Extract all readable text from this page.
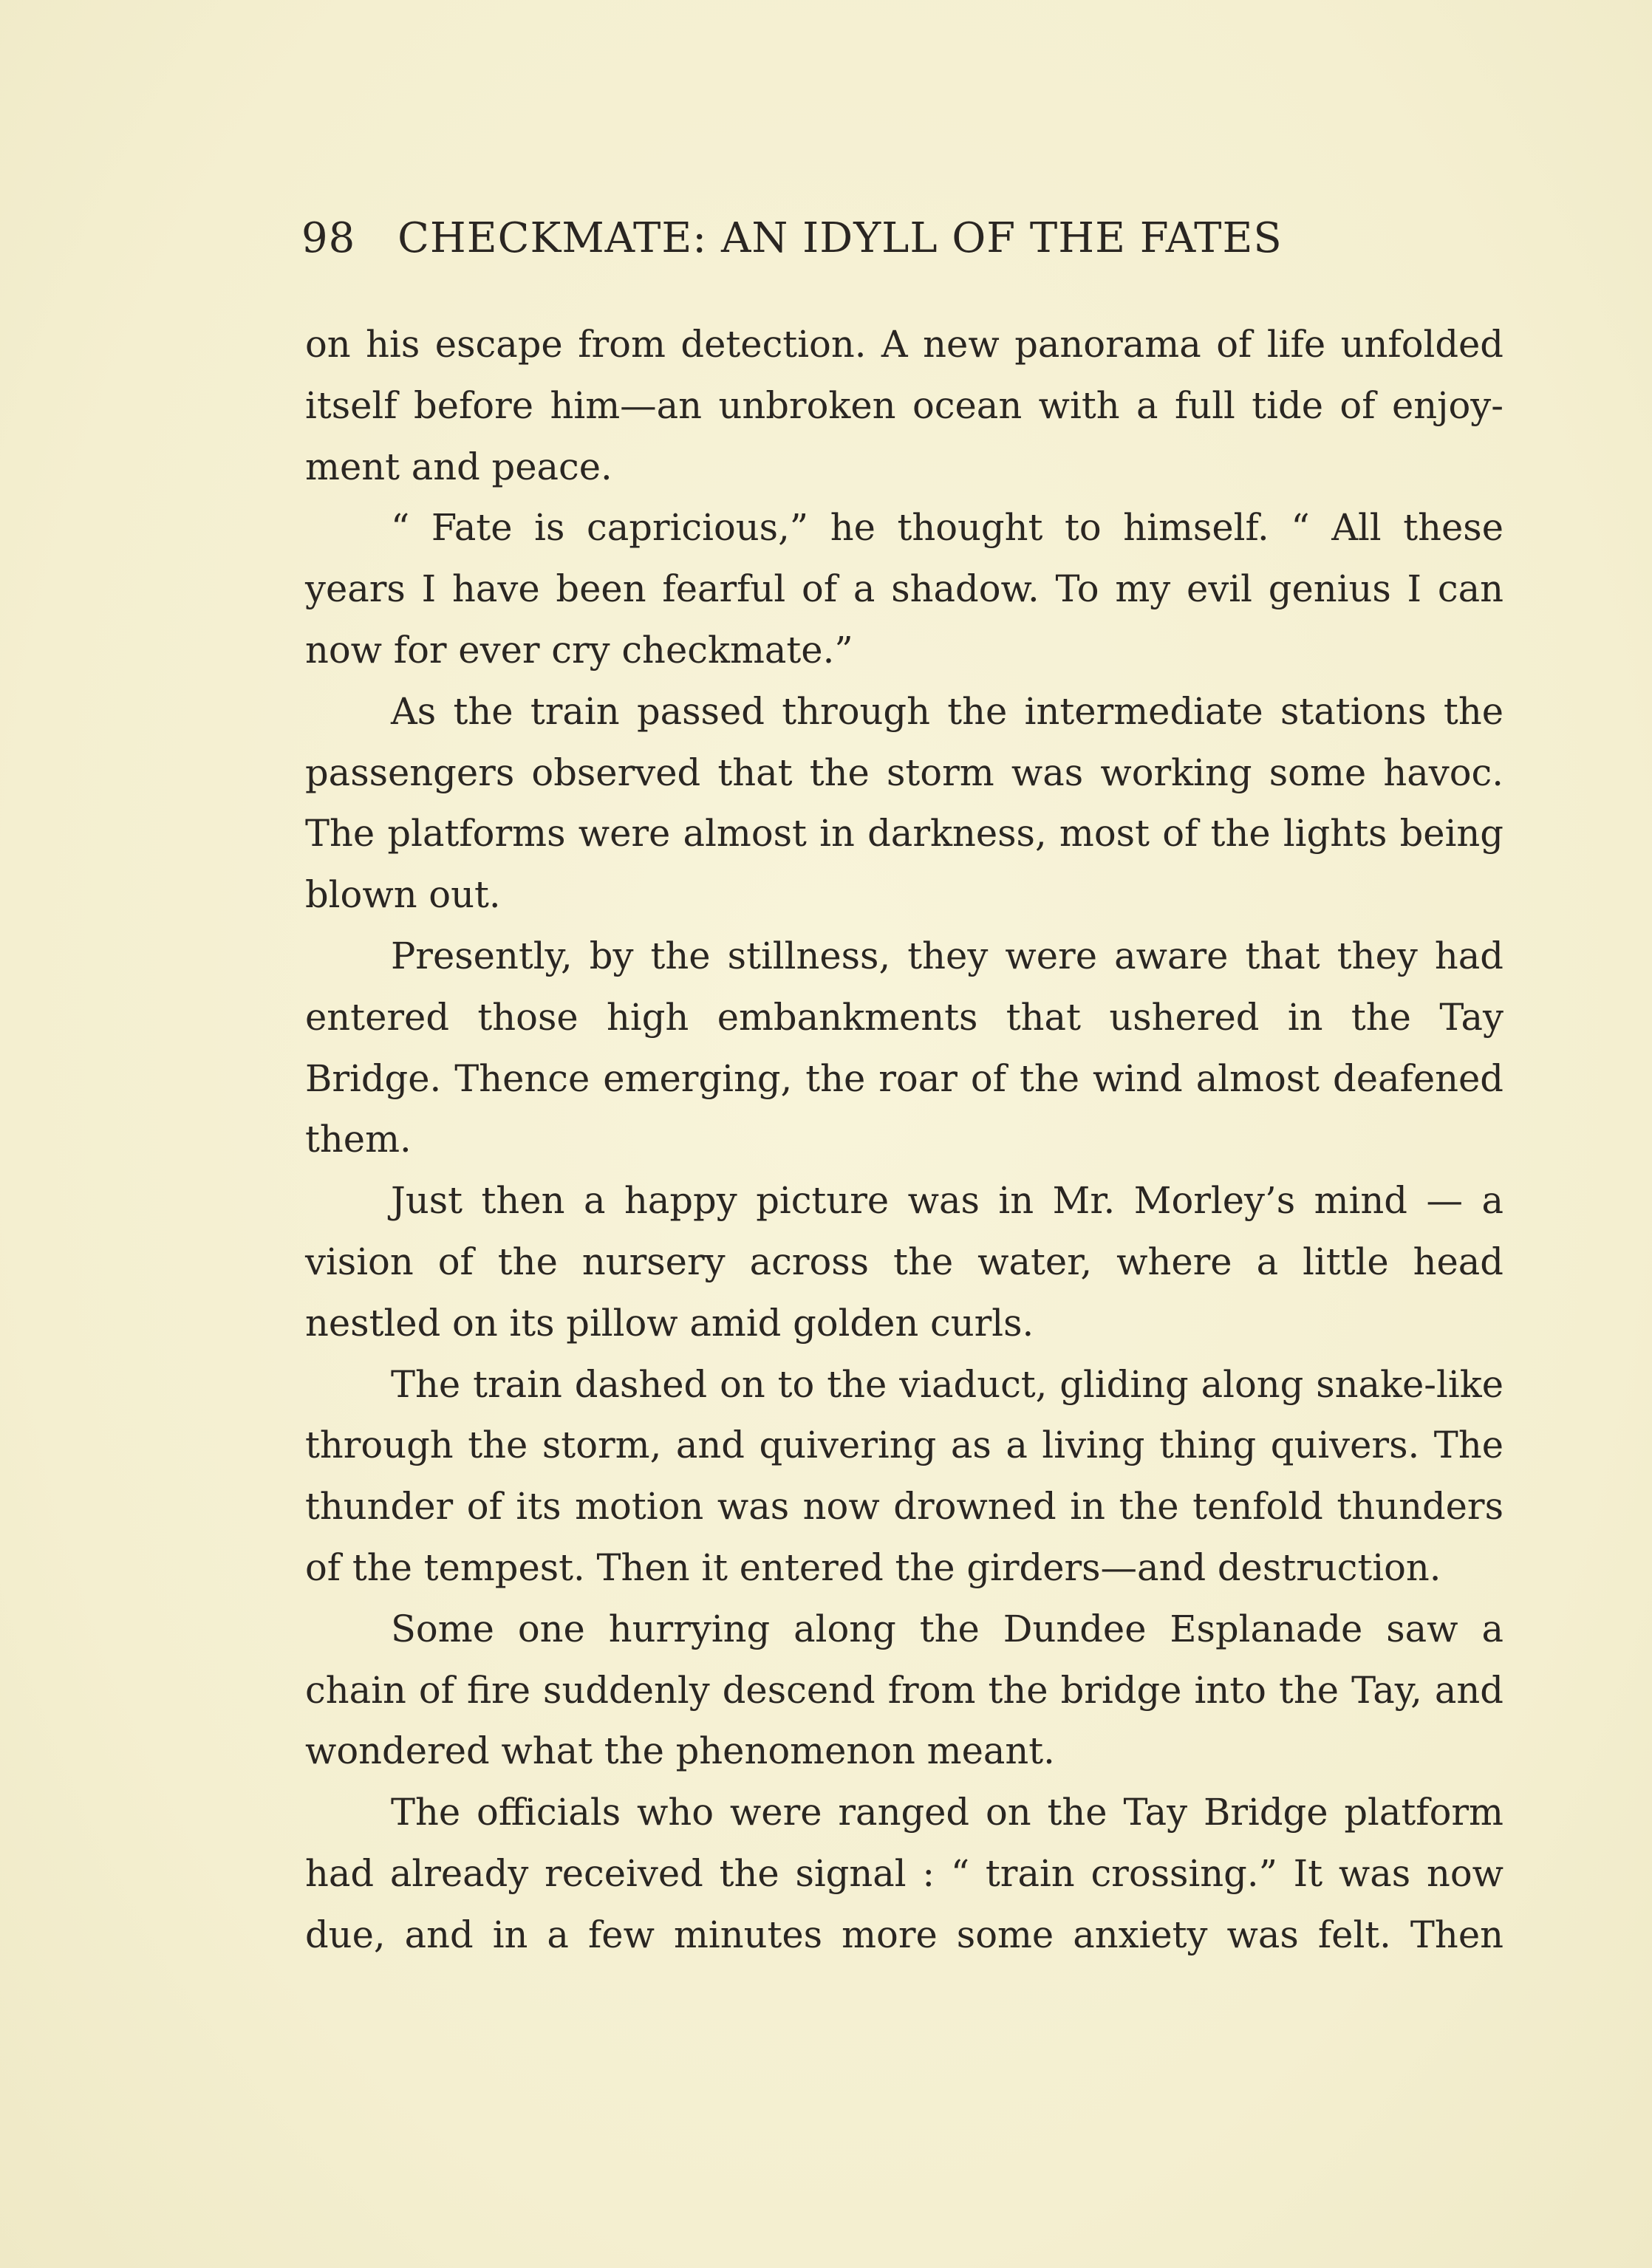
98 CHECKMATE: AN IDYLL OF THE FATES

on his escape from detection. A new panorama of life unfolded itself before him—an unbroken ocean with a full tide of enjoy-ment and peace.

“ Fate is capricious,” he thought to himself. “ All these years I have been fearful of a shadow. To my evil genius I can now for ever cry checkmate.”

As the train passed through the intermediate stations the passengers observed that the storm was working some havoc. The platforms were almost in darkness, most of the lights being blown out.

Presently, by the stillness, they were aware that they had entered those high embankments that ushered in the Tay Bridge. Thence emerging, the roar of the wind almost deafened them.

Just then a happy picture was in Mr. Morley’s mind — a vision of the nursery across the water, where a little head nestled on its pillow amid golden curls.

The train dashed on to the viaduct, gliding along snake-like through the storm, and quivering as a living thing quivers. The thunder of its motion was now drowned in the tenfold thunders of the tempest. Then it entered the girders—and destruction.

Some one hurrying along the Dundee Esplanade saw a chain of fire suddenly descend from the bridge into the Tay, and wondered what the phenomenon meant.

The officials who were ranged on the Tay Bridge platform had already received the signal : “ train crossing.” It was now due, and in a few minutes more some anxiety was felt. Then
